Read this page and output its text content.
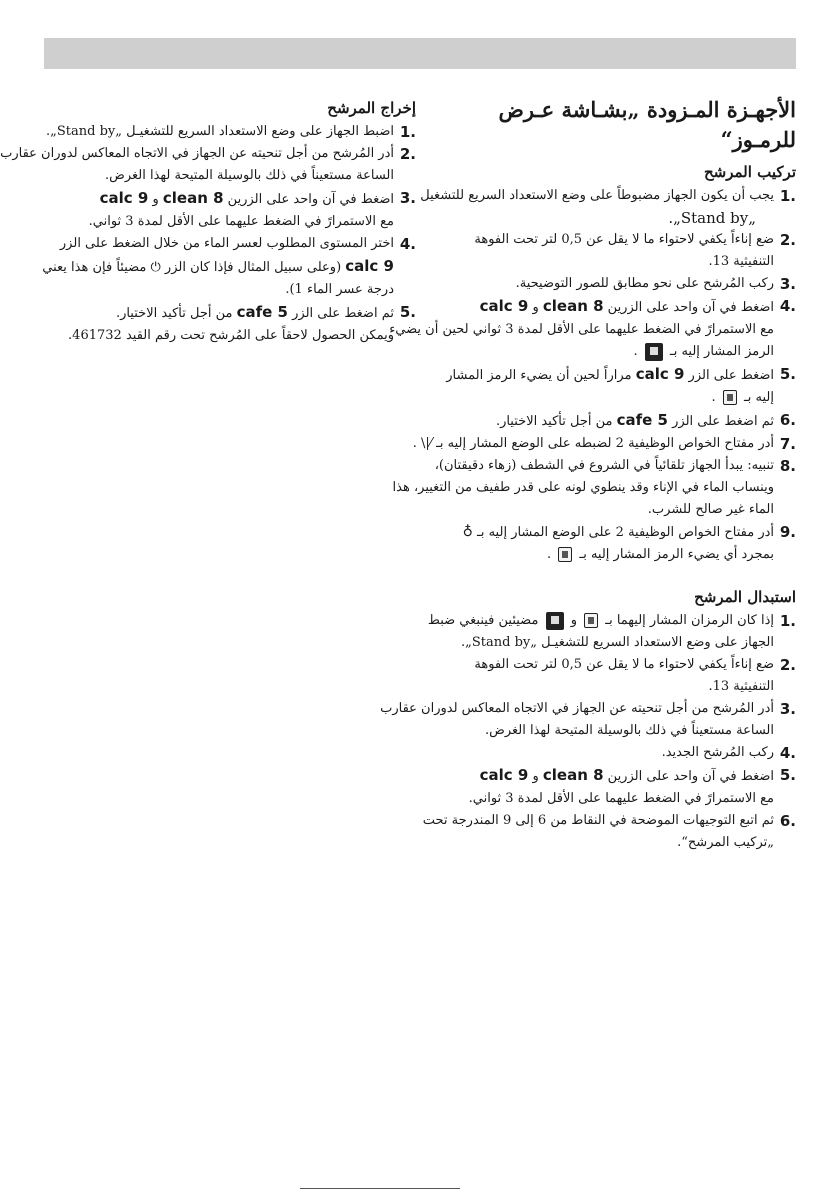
الأجهـزة المـزودة „بشـاشة عـرض للرمـوز“
تركيب المرشح
1.
يجب أن يكون الجهاز مضبوطاً على وضع الاستعداد السريع للتشغيل
„Stand by„.
2.
ضع إناءاً يكفي لاحتواء ما لا يقل عن 0,5 لتر تحت الفوهة
التنفيثية 13.
3.
ركب المُرشح على نحو مطابق للصور التوضيحية.
4.
اضغط في آن واحد على الزرين clean 8 و calc 9
مع الاستمرارً في الضغط عليهما على الأقل لمدة 3 ثواني لحين أن يضيء
الرمز المشار إليه بـ  .
5.
اضغط على الزر calc 9 مراراً لحين أن يضيء الرمز المشار
إليه بـ  .
6.
ثم اضغط على الزر cafe 5 من أجل تأكيد الاختيار.
7.
أدر مفتاح الخواص الوظيفية 2 لضبطه على الوضع المشار إليه بـ ⁄|\ .
8.
تنبيه: يبدأ الجهاز تلقائياً في الشروع في الشطف (زهاء دقيقتان)،
وينساب الماء في الإناء وقد ينطوي لونه على قدر طفيف من التغيير، هذا
الماء غير صالح للشرب.
9.
أدر مفتاح الخواص الوظيفية 2 على الوضع المشار إليه بـ ♁
بمجرد أي يضيء الرمز المشار إليه بـ  .
استبدال المرشح
1.
إذا كان الرمزان المشار إليهما بـ  و  مضيئين فينبغي ضبط
الجهاز على وضع الاستعداد السريع للتشغيـل „Stand by„.
2.
ضع إناءاً يكفي لاحتواء ما لا يقل عن 0,5 لتر تحت الفوهة
التنفيثية 13.
3.
أدر المُرشح من أجل تنحيته عن الجهاز في الاتجاه المعاكس لدوران عقارب
الساعة مستعيناً في ذلك بالوسيلة المتيحة لهذا الغرض.
4.
ركب المُرشح الجديد.
5.
اضغط في آن واحد على الزرين clean 8 و calc 9
مع الاستمرارً في الضغط عليهما على الأقل لمدة 3 ثواني.
6.
ثم اتبع التوجيهات الموضحة في النقاط من 6 إلى 9 المندرجة تحت
„تركيب المرشح“.
إخراج المرشح
1.
اضبط الجهاز على وضع الاستعداد السريع للتشغيـل „Stand by„.
2.
أدر المُرشح من أجل تنحيته عن الجهاز في الاتجاه المعاكس لدوران عقارب
الساعة مستعيناً في ذلك بالوسيلة المتيحة لهذا الغرض.
3.
اضغط في آن واحد على الزرين clean 8 و calc 9
مع الاستمرارً في الضغط عليهما على الأقل لمدة 3 ثواني.
4.
اختر المستوى المطلوب لعسر الماء من خلال الضغط على الزر
calc 9 (وعلى سبيل المثال فإذا كان الزر ⏻ مضيئاً فإن هذا يعني
درجة عسر الماء 1).
5.
ثم اضغط على الزر cafe 5 من أجل تأكيد الاختيار.
ويمكن الحصول لاحقاً على المُرشح تحت رقم القيد 461732.
